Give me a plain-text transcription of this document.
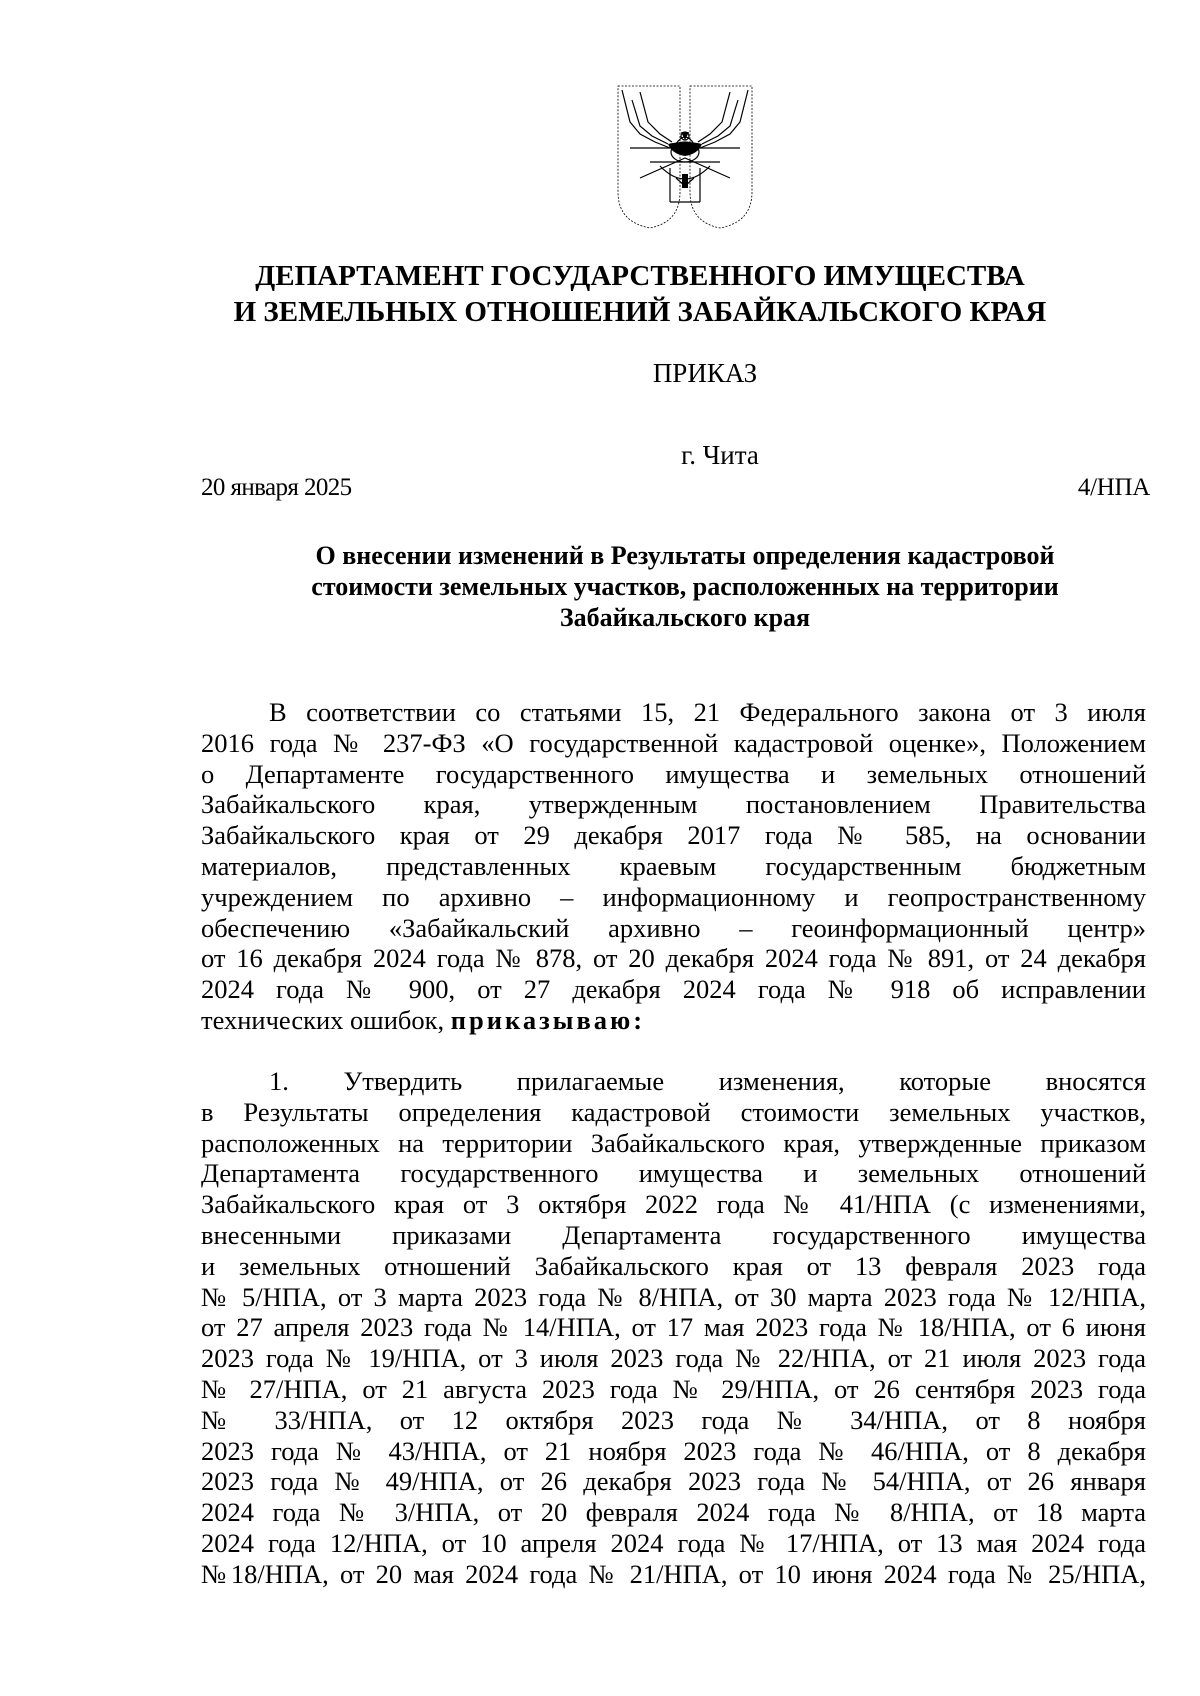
ДЕПАРТАМЕНТ ГОСУДАРСТВЕННОГО ИМУЩЕСТВА
И ЗЕМЕЛЬНЫХ ОТНОШЕНИЙ ЗАБАЙКАЛЬСКОГО КРАЯ
ПРИКАЗ
г. Чита
20 января 2025	4/НПА
О внесении изменений в Результаты определения кадастровой
стоимости земельных участков, расположенных на территории
Забайкальского края
В соответствии со статьями 15, 21 Федерального закона от 3 июля
2016 года № 237-ФЗ «О государственной кадастровой оценке», Положением
о Департаменте государственного имущества и земельных отношений
Забайкальского края, утвержденным постановлением Правительства
Забайкальского края от 29 декабря 2017 года № 585, на основании
материалов, представленных краевым государственным бюджетным
учреждением по архивно – информационному и геопространственному
обеспечению «Забайкальский архивно – геоинформационный центр»
от 16 декабря 2024 года № 878, от 20 декабря 2024 года № 891, от 24 декабря
2024 года № 900, от 27 декабря 2024 года № 918 об исправлении
технических ошибок, приказываю:
1. Утвердить прилагаемые изменения, которые вносятся
в Результаты определения кадастровой стоимости земельных участков,
расположенных на территории Забайкальского края, утвержденные приказом
Департамента государственного имущества и земельных отношений
Забайкальского края от 3 октября 2022 года № 41/НПА (с изменениями,
внесенными приказами Департамента государственного имущества
и земельных отношений Забайкальского края от 13 февраля 2023 года
№ 5/НПА, от 3 марта 2023 года № 8/НПА, от 30 марта 2023 года № 12/НПА,
от 27 апреля 2023 года № 14/НПА, от 17 мая 2023 года № 18/НПА, от 6 июня
2023 года № 19/НПА, от 3 июля 2023 года № 22/НПА, от 21 июля 2023 года
№ 27/НПА, от 21 августа 2023 года № 29/НПА, от 26 сентября 2023 года
№ 33/НПА, от 12 октября 2023 года № 34/НПА, от 8 ноября
2023 года № 43/НПА, от 21 ноября 2023 года № 46/НПА, от 8 декабря
2023 года № 49/НПА, от 26 декабря 2023 года № 54/НПА, от 26 января
2024 года № 3/НПА, от 20 февраля 2024 года № 8/НПА, от 18 марта
2024 года 12/НПА, от 10 апреля 2024 года № 17/НПА, от 13 мая 2024 года
№18/НПА, от 20 мая 2024 года № 21/НПА, от 10 июня 2024 года № 25/НПА,
